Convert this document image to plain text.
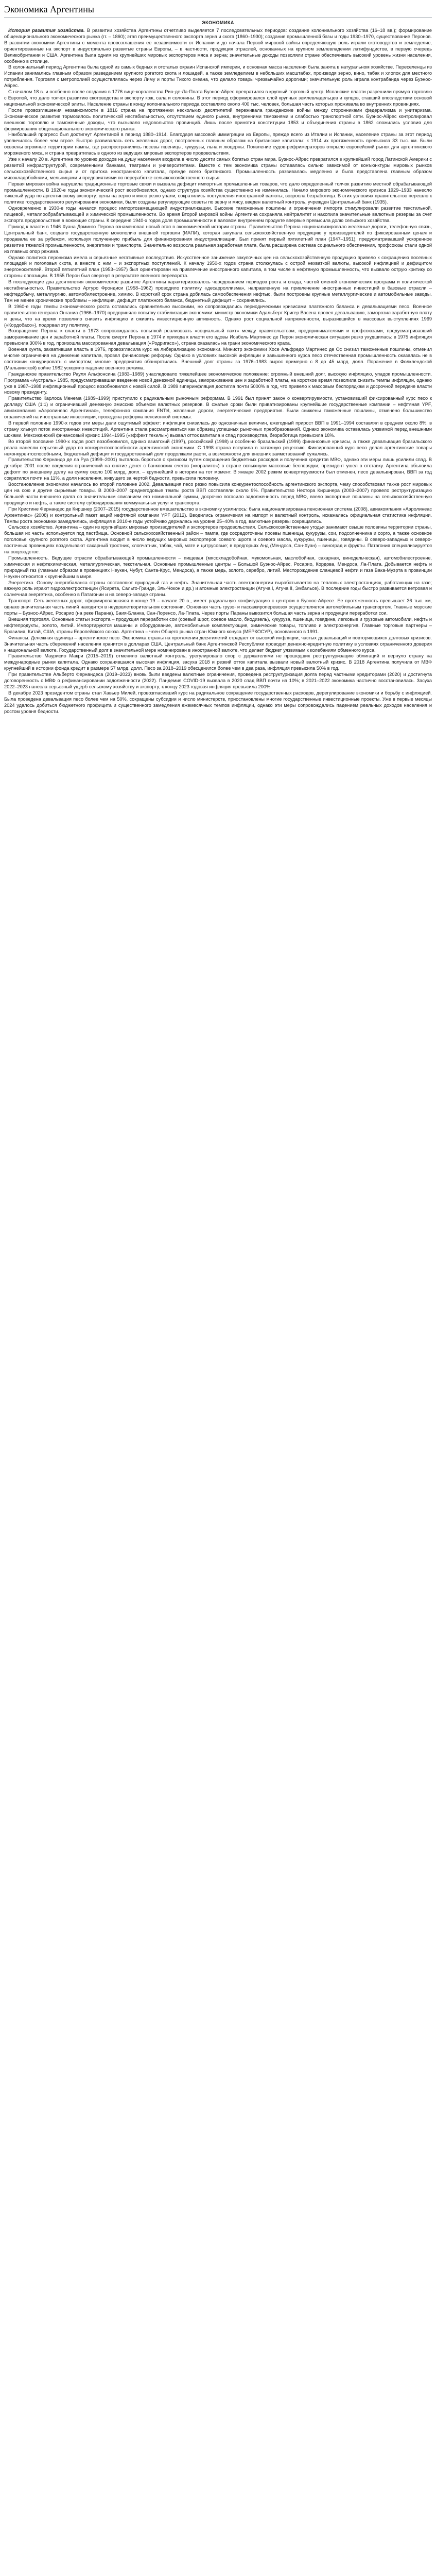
Экономика Аргентины
ЭКОНОМИКА

История развития хозяйства. В развитии хозяйства Аргентины отчетливо выделяется 7 последовательных периодов: создание колониального хозяйства (16–18 вв.); формирование общенационального экономического рынка (гг. – 1860); этап преимущественного экспорта зерна и скота (1860–1930); создание промышленной базы и годы 1930–1970, существование Перонов. В развитии экономики Аргентины с момента провозглашения ее независимости от Испании и до начала Первой мировой войны определяющую роль играли скотоводство и земледелие, ориентированные на экспорт в индустриально развитые страны Европы, – в частности, продукция отраслей, основанных на крупном землевладении латифундистов, в первую очередь Великобритании и США. Аргентина была одним из крупнейших мировых экспортеров мяса и зерна; значительные доходы позволяли стране обеспечивать высокий уровень жизни населения, особенно в столице.

В колониальный период Аргентина была одной из самых бедных и отсталых окраин Испанской империи, и основная масса населения была занята в натуральном хозяйстве. Переселенцы из Испании занимались главным образом разведением крупного рогатого скота и лошадей, а также земледелием в небольших масштабах, производя зерно, вино, табак и хлопок для местного потребления. Торговля с метрополией осуществлялась через Лиму и порты Тихого океана, что делало товары чрезвычайно дорогими; значительную роль играла контрабанда через Буэнос-Айрес.

С началом 18 в. и особенно после создания в 1776 вице-королевства Рио-де-Ла-Плата Буэнос-Айрес превратился в крупный торговый центр. Испанские власти разрешили прямую торговлю с Европой, что дало толчок развитию скотоводства и экспорту кож, сала и солонины. В этот период сформировался слой крупных землевладельцев и купцов, ставший впоследствии основой национальной экономической элиты. Население страны к концу колониального периода составляло около 400 тыс. человек, большая часть которых проживала во внутренних провинциях.

После провозглашения независимости в 1816 страна на протяжении нескольких десятилетий переживала гражданские войны между сторонниками федерализма и унитаризма. Экономическое развитие тормозилось политической нестабильностью, отсутствием единого рынка, внутренними таможнями и слабостью транспортной сети. Буэнос-Айрес контролировал внешнюю торговлю и таможенные доходы, что вызывало недовольство провинций. Лишь после принятия конституции 1853 и объединения страны в 1862 сложились условия для формирования общенационального экономического рынка.

Наибольший прогресс был достигнут Аргентиной в период 1880–1914. Благодаря массовой иммиграции из Европы, прежде всего из Италии и Испании, население страны за этот период увеличилось более чем втрое. Быстро развивалась сеть железных дорог, построенных главным образом на британские капиталы: к 1914 их протяженность превысила 33 тыс. км. Были освоены огромные территории пампы, где распространились посевы пшеницы, кукурузы, льна и люцерны. Появление судов-рефрижераторов открыло европейский рынок для аргентинского мороженого мяса, и страна превратилась в одного из ведущих мировых экспортеров продовольствия.

Уже к началу 20 в. Аргентина по уровню доходов на душу населения входила в число десяти самых богатых стран мира. Буэнос-Айрес превратился в крупнейший город Латинской Америки с развитой инфраструктурой, современными банками, театрами и университетами. Вместе с тем экономика страны оставалась сильно зависимой от конъюнктуры мировых рынков сельскохозяйственного сырья и от притока иностранного капитала, прежде всего британского. Промышленность развивалась медленно и была представлена главным образом мясохладобойнями, мельницами и предприятиями по переработке сельскохозяйственного сырья.

Первая мировая война нарушила традиционные торговые связи и вызвала дефицит импортных промышленных товаров, что дало определенный толчок развитию местной обрабатывающей промышленности. В 1920-е годы экономический рост возобновился, однако структура хозяйства существенно не изменилась. Начало мирового экономического кризиса 1929–1933 нанесло тяжелый удар по аргентинскому экспорту: цены на зерно и мясо резко упали, сократились поступления иностранной валюты, возросла безработица. В этих условиях правительство перешло к политике государственного регулирования экономики, были созданы регулирующие советы по зерну и мясу, введен валютный контроль, учрежден Центральный банк (1935).

Одновременно в 1930-е годы начался процесс импортозамещающей индустриализации. Высокие таможенные пошлины и ограничения импорта стимулировали развитие текстильной, пищевой, металлообрабатывающей и химической промышленности. Во время Второй мировой войны Аргентина сохраняла нейтралитет и накопила значительные валютные резервы за счет экспорта продовольствия в воюющие страны. К середине 1940-х годов доля промышленности в валовом внутреннем продукте впервые превысила долю сельского хозяйства.

Приход к власти в 1946 Хуана Доминго Перона ознаменовал новый этап в экономической истории страны. Правительство Перона национализировало железные дороги, телефонную связь, Центральный банк, создало государственную монополию внешней торговли (ИАПИ), которая закупала сельскохозяйственную продукцию у производителей по фиксированным ценам и продавала ее за рубежом, используя полученную прибыль для финансирования индустриализации. Был принят первый пятилетний план (1947–1951), предусматривавший ускоренное развитие тяжелой промышленности, энергетики и транспорта. Значительно возросла реальная заработная плата, была расширена система социального обеспечения, профсоюзы стали одной из главных опор режима.

Однако политика перонизма имела и серьезные негативные последствия. Искусственное занижение закупочных цен на сельскохозяйственную продукцию привело к сокращению посевных площадей и поголовья скота, а вместе с ним – и экспортных поступлений. К началу 1950-х годов страна столкнулась с острой нехваткой валюты, высокой инфляцией и дефицитом энергоносителей. Второй пятилетний план (1953–1957) был ориентирован на привлечение иностранного капитала, в том числе в нефтяную промышленность, что вызвало острую критику со стороны оппозиции. В 1955 Перон был свергнут в результате военного переворота.

В последующие два десятилетия экономическое развитие Аргентины характеризовалось чередованием периодов роста и спада, частой сменой экономических программ и политической нестабильностью. Правительство Артуро Фрондиси (1958–1962) проводило политику «десарроллизма», направленную на привлечение иностранных инвестиций в базовые отрасли – нефтедобычу, металлургию, автомобилестроение, химию. В короткий срок страна добилась самообеспечения нефтью, были построены крупные металлургические и автомобильные заводы. Тем не менее хронические проблемы – инфляция, дефицит платежного баланса, бюджетный дефицит – сохранялись.

В 1960-е годы темпы экономического роста оставались сравнительно высокими, но сопровождались периодическими кризисами платежного баланса и девальвациями песо. Военное правительство генерала Онганиа (1966–1970) предприняло попытку стабилизации экономики: министр экономики Адальберт Кригер Васена провел девальвацию, заморозил заработную плату и цены, что на время позволило снизить инфляцию и оживить инвестиционную активность. Однако рост социальной напряженности, выразившийся в массовых выступлениях 1969 («Кордобасо»), подорвал эту политику.

Возвращение Перона к власти в 1973 сопровождалось попыткой реализовать «социальный пакт» между правительством, предпринимателями и профсоюзами, предусматривавший замораживание цен и заработной платы. После смерти Перона в 1974 и прихода к власти его вдовы Исабель Мартинес де Перон экономическая ситуация резко ухудшилась: в 1975 инфляция превысила 300% в год, произошла массированная девальвация («Родригасо»), страна оказалась на грани экономического краха.

Военная хунта, захватившая власть в 1976, провозгласила курс на либерализацию экономики. Министр экономики Хосе Альфредо Мартинес де Ос снизил таможенные пошлины, отменил многие ограничения на движение капитала, провел финансовую реформу. Однако в условиях высокой инфляции и завышенного курса песо отечественная промышленность оказалась не в состоянии конкурировать с импортом; многие предприятия обанкротились. Внешний долг страны за 1976–1983 вырос примерно с 8 до 45 млрд. долл. Поражение в Фолклендской (Мальвинской) войне 1982 ускорило падение военного режима.

Гражданское правительство Рауля Альфонсина (1983–1989) унаследовало тяжелейшее экономическое положение: огромный внешний долг, высокую инфляцию, упадок промышленности. Программа «Аустраль» 1985, предусматривавшая введение новой денежной единицы, замораживание цен и заработной платы, на короткое время позволила снизить темпы инфляции, однако уже в 1987–1988 инфляционный процесс возобновился с новой силой. В 1989 гиперинфляция достигла почти 5000% в год, что привело к массовым беспорядкам и досрочной передаче власти новому президенту.

Правительство Карлоса Менема (1989–1999) приступило к радикальным рыночным реформам. В 1991 был принят закон о конвертируемости, установивший фиксированный курс песо к доллару США (1:1) и ограничивший денежную эмиссию объемом валютных резервов. В сжатые сроки были приватизированы крупнейшие государственные компании – нефтяная YPF, авиакомпания «Аэролинеас Архентинас», телефонная компания ENTel, железные дороги, энергетические предприятия. Были снижены таможенные пошлины, отменено большинство ограничений на иностранные инвестиции, проведена реформа пенсионной системы.

В первой половине 1990-х годов эти меры дали ощутимый эффект: инфляция снизилась до однозначных величин, ежегодный прирост ВВП в 1991–1994 составлял в среднем около 8%, в страну хлынул поток иностранных инвестиций. Аргентина стала рассматриваться как образец успешных рыночных преобразований. Однако экономика оставалась уязвимой перед внешними шоками. Мексиканский финансовый кризис 1994–1995 («эффект текилы») вызвал отток капитала и спад производства, безработица превысила 18%.

Во второй половине 1990-х годов рост возобновился, однако азиатский (1997), российский (1998) и особенно бразильский (1999) финансовые кризисы, а также девальвация бразильского реала нанесли серьезный удар по конкурентоспособности аргентинской экономики. С 1998 страна вступила в затяжную рецессию. Фиксированный курс песо делал аргентинские товары неконкурентоспособными, бюджетный дефицит и государственный долг продолжали расти, а возможности для внешних заимствований сужались.

Правительство Фернандо де ла Руа (1999–2001) пыталось бороться с кризисом путем сокращения бюджетных расходов и получения кредитов МВФ, однако эти меры лишь усилили спад. В декабре 2001 после введения ограничений на снятие денег с банковских счетов («коралито») в стране вспыхнули массовые беспорядки; президент ушел в отставку. Аргентина объявила дефолт по внешнему долгу на сумму около 100 млрд. долл. – крупнейший в истории на тот момент. В январе 2002 режим конвертируемости был отменен, песо девальвирован, ВВП за год сократился почти на 11%, а доля населения, живущего за чертой бедности, превысила половину.

Восстановление экономики началось во второй половине 2002. Девальвация песо резко повысила конкурентоспособность аргентинского экспорта, чему способствовал также рост мировых цен на сою и другие сырьевые товары. В 2003–2007 среднегодовые темпы роста ВВП составляли около 9%. Правительство Нестора Киршнера (2003–2007) провело реструктуризацию большей части внешнего долга со значительным списанием его номинальной суммы, досрочно погасило задолженность перед МВФ, ввело экспортные пошлины на сельскохозяйственную продукцию и нефть, а также систему субсидирования коммунальных услуг и транспорта.

При Кристине Фернандес де Киршнер (2007–2015) государственное вмешательство в экономику усилилось: была национализирована пенсионная система (2008), авиакомпания «Аэролинеас Архентинас» (2008) и контрольный пакет акций нефтяной компании YPF (2012). Вводились ограничения на импорт и валютный контроль, искажалась официальная статистика инфляции. Темпы роста экономики замедлились, инфляция в 2010-е годы устойчиво держалась на уровне 25–40% в год, валютные резервы сокращались.

Сельское хозяйство. Аргентина – один из крупнейших мировых производителей и экспортеров продовольствия. Сельскохозяйственные угодья занимают свыше половины территории страны, большая их часть используется под пастбища. Основной сельскохозяйственный район – пампа, где сосредоточены посевы пшеницы, кукурузы, сои, подсолнечника и сорго, а также основное поголовье крупного рогатого скота. Аргентина входит в число ведущих мировых экспортеров соевого шрота и соевого масла, кукурузы, пшеницы, говядины. В северо-западных и северо-восточных провинциях возделывают сахарный тростник, хлопчатник, табак, чай, мате и цитрусовые; в предгорьях Анд (Мендоса, Сан-Хуан) – виноград и фрукты. Патагония специализируется на овцеводстве.

Промышленность. Ведущие отрасли обрабатывающей промышленности – пищевая (мясохладобойная, мукомольная, маслобойная, сахарная, винодельческая), автомобилестроение, химическая и нефтехимическая, металлургическая, текстильная. Основные промышленные центры – Большой Буэнос-Айрес, Росарио, Кордова, Мендоса, Ла-Плата. Добывается нефть и природный газ (главным образом в провинциях Неукен, Чубут, Санта-Крус, Мендоса), а также медь, золото, серебро, литий. Месторождение сланцевой нефти и газа Вака-Муэрта в провинции Неукен относится к крупнейшим в мире.

Энергетика. Основу энергобаланса страны составляют природный газ и нефть. Значительная часть электроэнергии вырабатывается на тепловых электростанциях, работающих на газе; важную роль играют гидроэлектростанции (Ясирета, Сальто-Гранде, Эль-Чокон и др.) и атомные электростанции (Атуча I, Атуча II, Эмбальсе). В последние годы быстро развивается ветровая и солнечная энергетика, особенно в Патагонии и на северо-западе страны.

Транспорт. Сеть железных дорог, сформировавшаяся в конце 19 – начале 20 в., имеет радиальную конфигурацию с центром в Буэнос-Айресе. Ее протяженность превышает 36 тыс. км, однако значительная часть линий находится в неудовлетворительном состоянии. Основная часть грузо- и пассажироперевозок осуществляется автомобильным транспортом. Главные морские порты – Буэнос-Айрес, Росарио (на реке Парана), Баия-Бланка, Сан-Лоренсо, Ла-Плата. Через порты Параны вывозится большая часть зерна и продукции переработки сои.

Внешняя торговля. Основные статьи экспорта – продукция переработки сои (соевый шрот, соевое масло, биодизель), кукуруза, пшеница, говядина, легковые и грузовые автомобили, нефть и нефтепродукты, золото, литий. Импортируются машины и оборудование, автомобильные комплектующие, химические товары, топливо и электроэнергия. Главные торговые партнеры – Бразилия, Китай, США, страны Европейского союза. Аргентина – член Общего рынка стран Южного конуса (МЕРКОСУР), основанного в 1991.

Финансы. Денежная единица – аргентинское песо. Экономика страны на протяжении десятилетий страдает от высокой инфляции, частых девальваций и повторяющихся долговых кризисов. Значительная часть сбережений населения хранится в долларах США. Центральный банк Аргентинской Республики проводит денежно-кредитную политику в условиях ограниченного доверия к национальной валюте. Государственный долг в значительной мере номинирован в иностранной валюте, что делает бюджет уязвимым к колебаниям обменного курса.

Правительство Маурисио Макри (2015–2019) отменило валютный контроль, урегулировало спор с держателями не прошедших реструктуризацию облигаций и вернуло страну на международные рынки капитала. Однако сохранявшаяся высокая инфляция, засуха 2018 и резкий отток капитала вызвали новый валютный кризис. В 2018 Аргентина получила от МВФ крупнейший в истории фонда кредит в размере 57 млрд. долл. Песо за 2018–2019 обесценился более чем в два раза, инфляция превысила 50% в год.

При правительстве Альберто Фернандеса (2019–2023) вновь были введены валютные ограничения, проведена реструктуризация долга перед частными кредиторами (2020) и достигнута договоренность с МВФ о рефинансировании задолженности (2022). Пандемия COVID-19 вызвала в 2020 спад ВВП почти на 10%; в 2021–2022 экономика частично восстановилась. Засуха 2022–2023 нанесла серьезный ущерб сельскому хозяйству и экспорту; к концу 2023 годовая инфляция превысила 200%.

В декабре 2023 президентом страны стал Хавьер Милей, провозгласивший курс на радикальное сокращение государственных расходов, дерегулирование экономики и борьбу с инфляцией. Была проведена девальвация песо более чем на 50%, сокращены субсидии и число министерств, приостановлены многие государственные инвестиционные проекты. Уже в первые месяцы 2024 удалось добиться бюджетного профицита и существенного замедления ежемесячных темпов инфляции, однако эти меры сопровождались падением реальных доходов населения и ростом уровня бедности.
